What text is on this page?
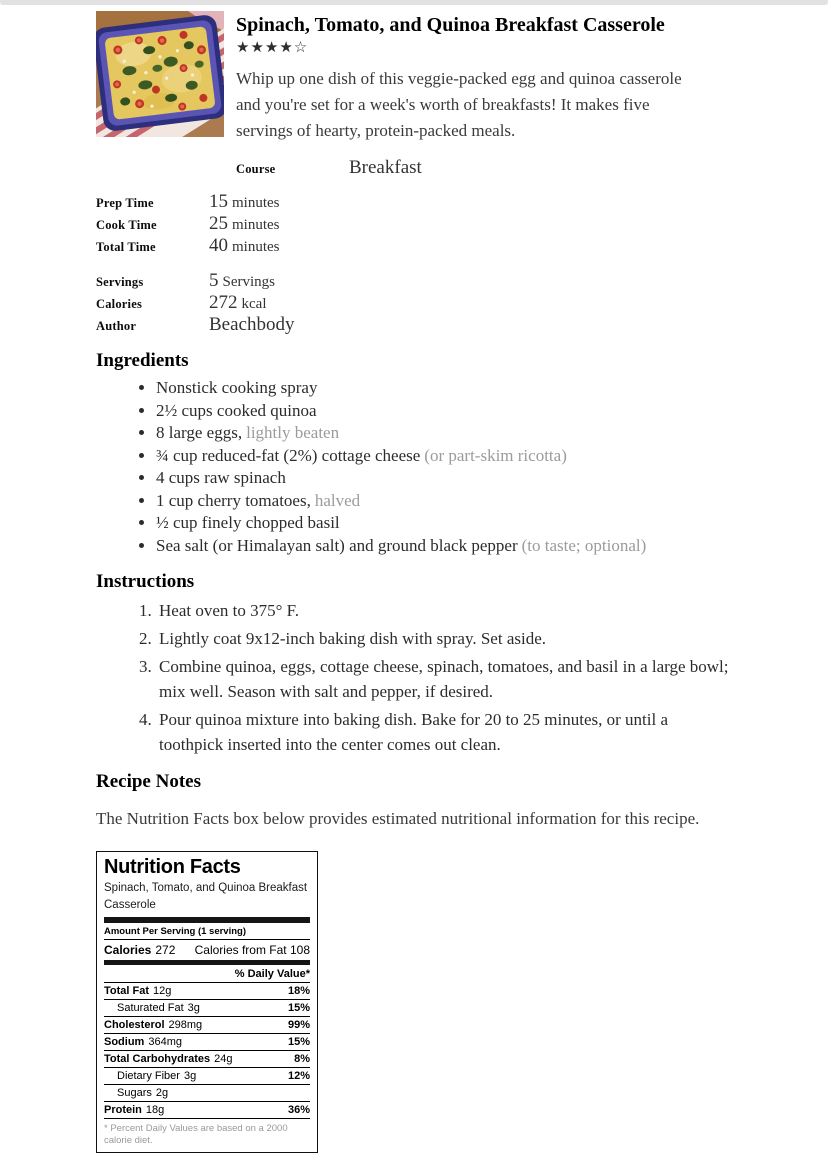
Spinach, Tomato, and Quinoa Breakfast Casserole
★★★★☆

Whip up one dish of this veggie-packed egg and quinoa casserole and you're set for a week's worth of breakfasts! It makes five servings of hearty, protein-packed meals.

Course	Breakfast
Prep Time	15 minutes
Cook Time	25 minutes
Total Time	40 minutes
Servings	5 Servings
Calories	272 kcal
Author	Beachbody
Ingredients
• Nonstick cooking spray
• 2½ cups cooked quinoa
• 8 large eggs, lightly beaten
• ¾ cup reduced-fat (2%) cottage cheese (or part-skim ricotta)
• 4 cups raw spinach
• 1 cup cherry tomatoes, halved
• ½ cup finely chopped basil
• Sea salt (or Himalayan salt) and ground black pepper (to taste; optional)
Instructions
1. Heat oven to 375° F.
2. Lightly coat 9x12-inch baking dish with spray. Set aside.
3. Combine quinoa, eggs, cottage cheese, spinach, tomatoes, and basil in a large bowl; mix well. Season with salt and pepper, if desired.
4. Pour quinoa mixture into baking dish. Bake for 20 to 25 minutes, or until a toothpick inserted into the center comes out clean.
Recipe Notes

The Nutrition Facts box below provides estimated nutritional information for this recipe.

Nutrition Facts
Spinach, Tomato, and Quinoa Breakfast Casserole
Amount Per Serving (1 serving)
Calories 272 Calories from Fat 108
% Daily Value*
Total Fat 12g	18%
Saturated Fat 3g	15%
Cholesterol 298mg	99%
Sodium 364mg	15%
Total Carbohydrates 24g	8%
Dietary Fiber 3g	12%
Sugars 2g
Protein 18g	36%
* Percent Daily Values are based on a 2000 calorie diet.
